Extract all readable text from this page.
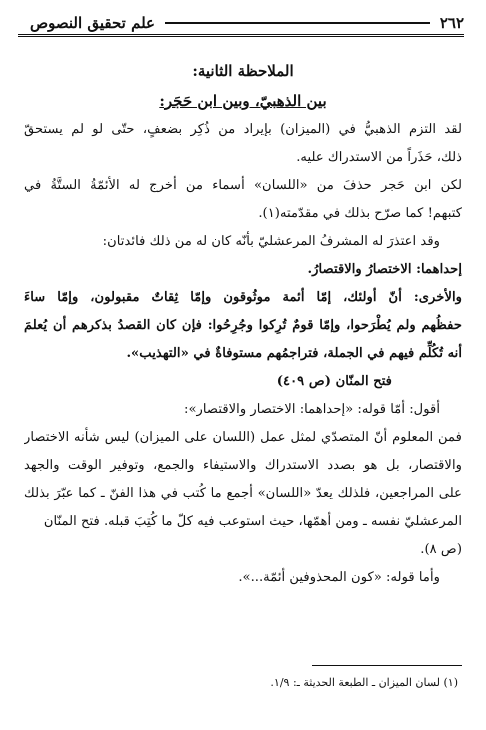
٢٦٢
علم تحقيق النصوص
الملاحظة الثانية:
بين الذهبيّ، وبين ابن حَجَر:
لقد التزم الذهبيُّ في (الميزان) بإيراد من ذُكِر بضعفٍ، حتّى لو لم يستحقّ
ذلك، حَذَراً من الاستدراك عليه.
لكن ابن حَجر حذفَ من «اللسان» أسماء من أخرج له الأئمّةُ الستَّةُ في
كتبهم! كما صرّح بذلك في مقدّمته(١).
وقد اعتذرَ له المشرفُ المرعشليّ بأنّه كان له من ذلك فائدتان:
إحداهما: الاختصارُ والاقتصارُ.
والأخرى: أنّ أولئك، إمّا أئمة موثُوقون وإمّا ثِقاتٌ مقبولون، وإمّا ساءَ
حفظُهم ولم يُطْرَحوا، وإمّا قومٌ تُرِكوا وجُرِحُوا: فإن كان القصدُ بذكرهم أن يُعلمَ
أنه تُكُلِّم فيهم في الجملة، فتراجمُهم مستوفاةٌ في «التهذيب».
فتح المنّان (ص ٤٠٩)
أقول: أمّا قوله: «إحداهما: الاختصار والاقتصار»:
فمن المعلوم أنّ المتصدّي لمثل عمل (اللسان على الميزان) ليس شأنه الاختصار
والاقتصار، بل هو بصدد الاستدراك والاستيفاء والجمع، وتوفير الوقت والجهد
على المراجعين، فلذلك يعدّ «اللسان» أجمع ما كُتب في هذا الفنّ ـ كما عبّرَ بذلك
المرعشليّ نفسه ـ ومن أهمّها، حيث استوعب فيه كلّ ما كُتِبَ قبله. فتح المنّان
(ص ٨).
وأما قوله: «كون المحذوفين أئمّة...».
(١) لسان الميزان ـ الطبعة الحديثة ـ: ١/٩.
